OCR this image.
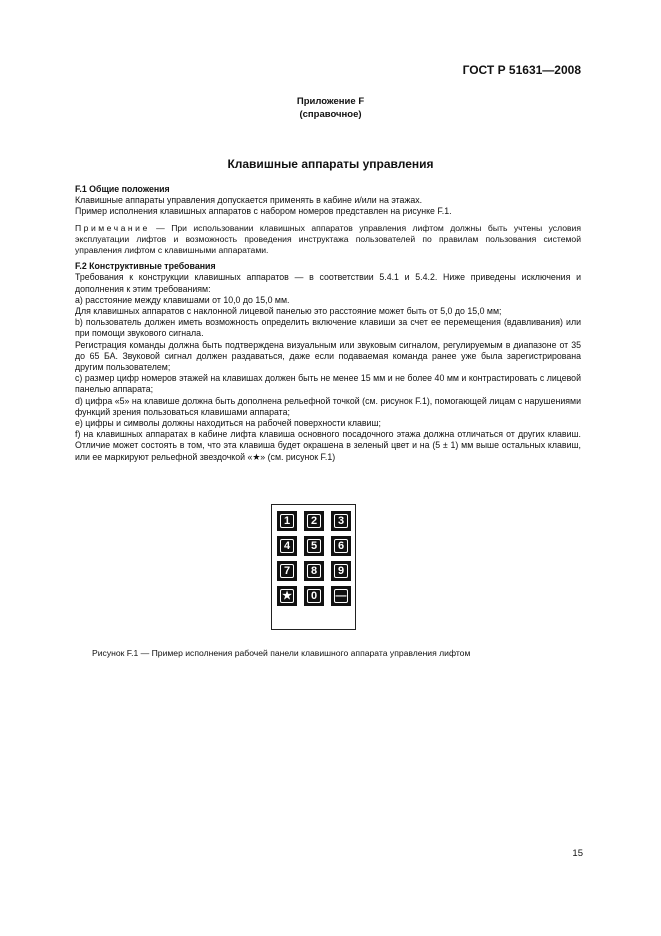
ГОСТ Р 51631—2008
Приложение F
(справочное)
Клавишные аппараты управления

F.1 Общие положения

Клавишные аппараты управления допускается применять в кабине и/или на этажах.

Пример исполнения клавишных аппаратов с набором номеров представлен на рисунке F.1.

Примечание — При использовании клавишных аппаратов управления лифтом должны быть учтены условия эксплуатации лифтов и возможность проведения инструктажа пользователей по правилам пользования системой управления лифтом с клавишными аппаратами.

F.2 Конструктивные требования

Требования к конструкции клавишных аппаратов — в соответствии 5.4.1 и 5.4.2. Ниже приведены исключения и дополнения к этим требованиям:

a) расстояние между клавишами от 10,0 до 15,0 мм.

Для клавишных аппаратов с наклонной лицевой панелью это расстояние может быть от 5,0 до 15,0 мм;

b) пользователь должен иметь возможность определить включение клавиши за счет ее перемещения (вдавливания) или при помощи звукового сигнала.

Регистрация команды должна быть подтверждена визуальным или звуковым сигналом, регулируемым в диапазоне от 35 до 65 БА. Звуковой сигнал должен раздаваться, даже если подаваемая команда ранее уже была зарегистрирована другим пользователем;

c) размер цифр номеров этажей на клавишах должен быть не менее 15 мм и не более 40 мм и контрастировать с лицевой панелью аппарата;

d) цифра «5» на клавише должна быть дополнена рельефной точкой (см. рисунок F.1), помогающей лицам с нарушениями функций зрения пользоваться клавишами аппарата;

e) цифры и символы должны находиться на рабочей поверхности клавиш;

f) на клавишных аппаратах в кабине лифта клавиша основного посадочного этажа должна отличаться от других клавиш. Отличие может состоять в том, что эта клавиша будет окрашена в зеленый цвет и на (5 ± 1) мм выше остальных клавиш, или ее маркируют рельефной звездочкой «★» (см. рисунок F.1)

1	2	3
4	5	6
7	8	9
★	0	—
Рисунок F.1 — Пример исполнения рабочей панели клавишного аппарата управления лифтом
15
